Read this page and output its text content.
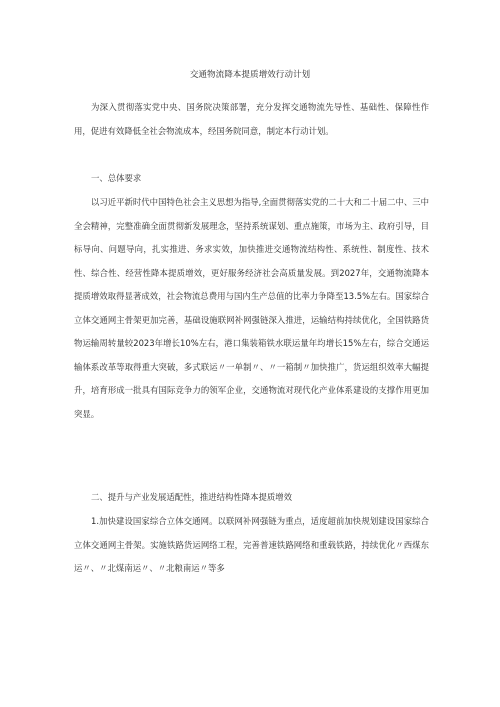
交通物流降本提质增效行动计划

为深入贯彻落实党中央、国务院决策部署，充分发挥交通物流先导性、基础性、保障性作用，促进有效降低全社会物流成本，经国务院同意，制定本行动计划。

一、总体要求

以习近平新时代中国特色社会主义思想为指导,全面贯彻落实党的二十大和二十届二中、三中全会精神，完整准确全面贯彻新发展理念，坚持系统谋划、重点施策，市场为主、政府引导，目标导向、问题导向，扎实推进、务求实效，加快推进交通物流结构性、系统性、制度性、技术性、综合性、经营性降本提质增效，更好服务经济社会高质量发展。到2027年，交通物流降本提质增效取得显著成效，社会物流总费用与国内生产总值的比率力争降至13.5%左右。国家综合立体交通网主骨架更加完善，基础设施联网补网强链深入推进，运输结构持续优化，全国铁路货物运输周转量较2023年增长10%左右，港口集装箱铁水联运量年均增长15%左右，综合交通运输体系改革等取得重大突破，多式联运〃一单制〃、〃一箱制〃加快推广，货运组织效率大幅提升，培育形成一批具有国际竞争力的领军企业，交通物流对现代化产业体系建设的支撑作用更加突显。

二、提升与产业发展适配性，推进结构性降本提质增效

1.加快建设国家综合立体交通网。以联网补网强链为重点，适度超前加快规划建设国家综合立体交通网主骨架。实施铁路货运网络工程，完善普速铁路网络和重载铁路，持续优化〃西煤东运〃、〃北煤南运〃、〃北粮南运〃等多
